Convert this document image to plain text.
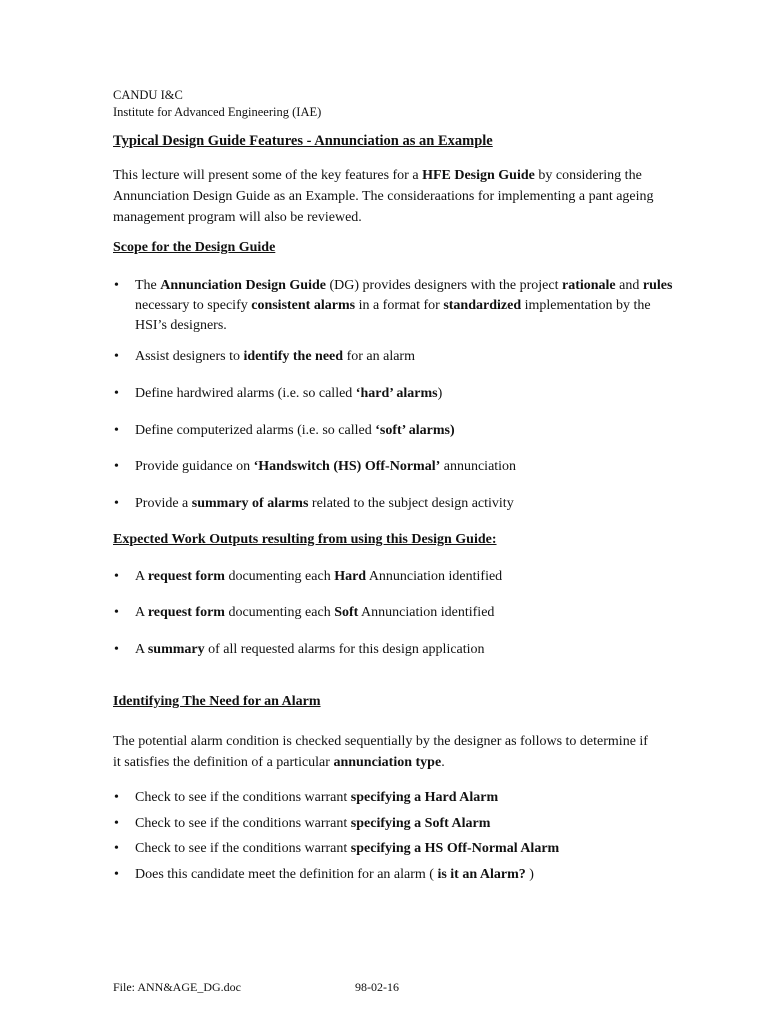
CANDU I&C
Institute for Advanced Engineering (IAE)
Typical Design Guide Features - Annunciation as an Example
This lecture will present some of the key features for a HFE Design Guide by considering the Annunciation Design Guide as an Example. The consideraations for implementing a pant ageing management program will also be reviewed.
Scope for the Design Guide
• The Annunciation Design Guide (DG) provides designers with the project rationale and rules necessary to specify consistent alarms in a format for standardized implementation by the HSI’s designers.
• Assist designers to identify the need for an alarm
• Define hardwired alarms (i.e. so called ‘hard’ alarms)
• Define computerized alarms (i.e. so called ‘soft’ alarms)
• Provide guidance on ‘Handswitch (HS) Off-Normal’ annunciation
• Provide a summary of alarms related to the subject design activity
Expected Work Outputs resulting from using this Design Guide:
• A request form documenting each Hard Annunciation identified
• A request form documenting each Soft Annunciation identified
• A summary of all requested alarms for this design application
Identifying The Need for an Alarm
The potential alarm condition is checked sequentially by the designer as follows to determine if it satisfies the definition of a particular annunciation type.
• Check to see if the conditions warrant specifying a Hard Alarm
• Check to see if the conditions warrant specifying a Soft Alarm
• Check to see if the conditions warrant specifying a HS Off-Normal Alarm
• Does this candidate meet the definition for an alarm ( is it an Alarm? )
File: ANN&AGE_DG.doc	98-02-16
